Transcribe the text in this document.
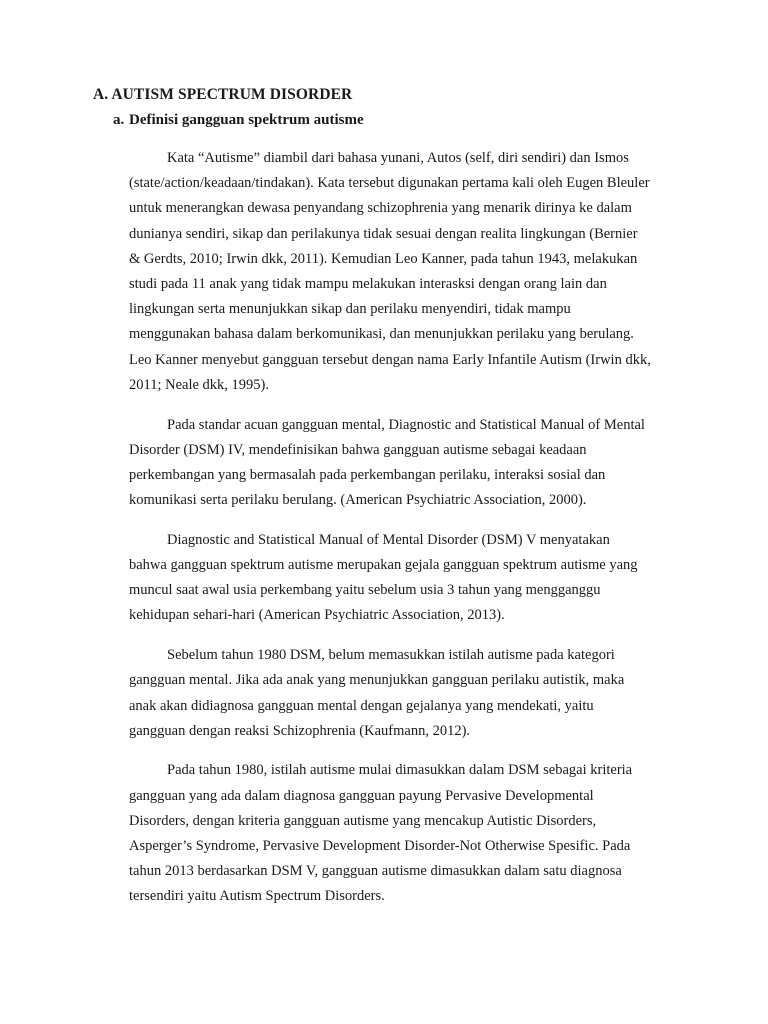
A. AUTISM SPECTRUM DISORDER
a. Definisi gangguan spektrum autisme

Kata “Autisme” diambil dari bahasa yunani, Autos (self, diri sendiri) dan Ismos (state/action/keadaan/tindakan). Kata tersebut digunakan pertama kali oleh Eugen Bleuler untuk menerangkan dewasa penyandang schizophrenia yang menarik dirinya ke dalam dunianya sendiri, sikap dan perilakunya tidak sesuai dengan realita lingkungan (Bernier & Gerdts, 2010; Irwin dkk, 2011). Kemudian Leo Kanner, pada tahun 1943, melakukan studi pada 11 anak yang tidak mampu melakukan interasksi dengan orang lain dan lingkungan serta menunjukkan sikap dan perilaku menyendiri, tidak mampu menggunakan bahasa dalam berkomunikasi, dan menunjukkan perilaku yang berulang. Leo Kanner menyebut gangguan tersebut dengan nama Early Infantile Autism (Irwin dkk, 2011; Neale dkk, 1995).

Pada standar acuan gangguan mental, Diagnostic and Statistical Manual of Mental Disorder (DSM) IV, mendefinisikan bahwa gangguan autisme sebagai keadaan perkembangan yang bermasalah pada perkembangan perilaku, interaksi sosial dan komunikasi serta perilaku berulang. (American Psychiatric Association, 2000).

Diagnostic and Statistical Manual of Mental Disorder (DSM) V menyatakan bahwa gangguan spektrum autisme merupakan gejala gangguan spektrum autisme yang muncul saat awal usia perkembang yaitu sebelum usia 3 tahun yang mengganggu kehidupan sehari-hari (American Psychiatric Association, 2013).

Sebelum tahun 1980 DSM, belum memasukkan istilah autisme pada kategori gangguan mental. Jika ada anak yang menunjukkan gangguan perilaku autistik, maka anak akan didiagnosa gangguan mental dengan gejalanya yang mendekati, yaitu gangguan dengan reaksi Schizophrenia (Kaufmann, 2012).

Pada tahun 1980, istilah autisme mulai dimasukkan dalam DSM sebagai kriteria gangguan yang ada dalam diagnosa gangguan payung Pervasive Developmental Disorders, dengan kriteria gangguan autisme yang mencakup Autistic Disorders, Asperger’s Syndrome, Pervasive Development Disorder-Not Otherwise Spesific. Pada tahun 2013 berdasarkan DSM V, gangguan autisme dimasukkan dalam satu diagnosa tersendiri yaitu Autism Spectrum Disorders.
